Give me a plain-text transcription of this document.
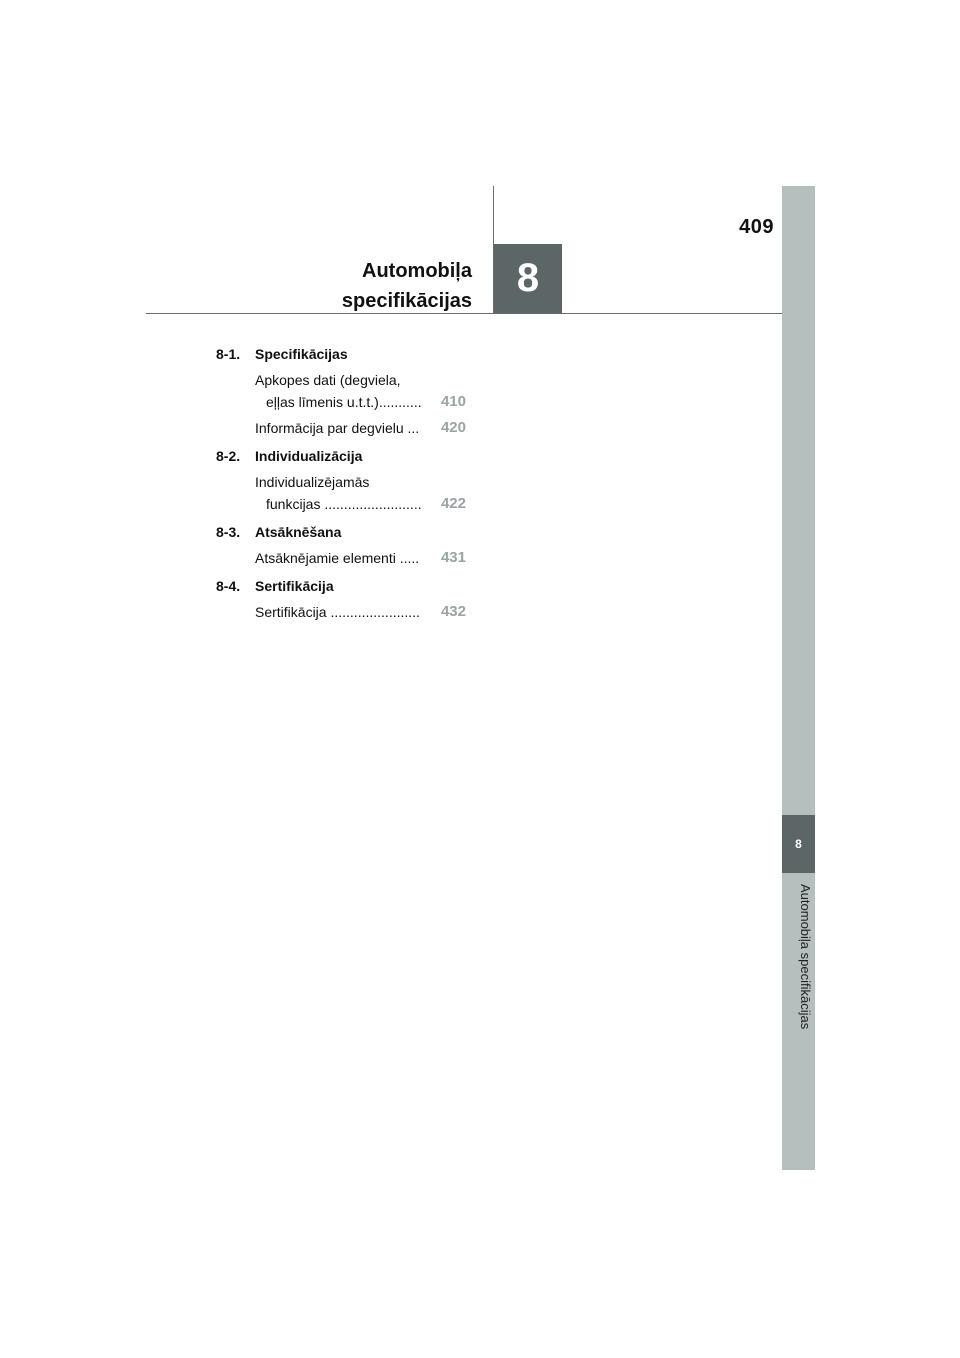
409
Automobiļa
specifikācijas
8
8
Automobiļa specifikācijas
8-1.	Specifikācijas
Apkopes dati (degviela,
eļļas līmenis u.t.t.)...........	410
Informācija par degvielu ...	420
8-2.	Individualizācija
Individualizējamās
funkcijas .........................	422
8-3.	Atsāknēšana
Atsāknējamie elementi .....	431
8-4.	Sertifikācija
Sertifikācija .......................	432
